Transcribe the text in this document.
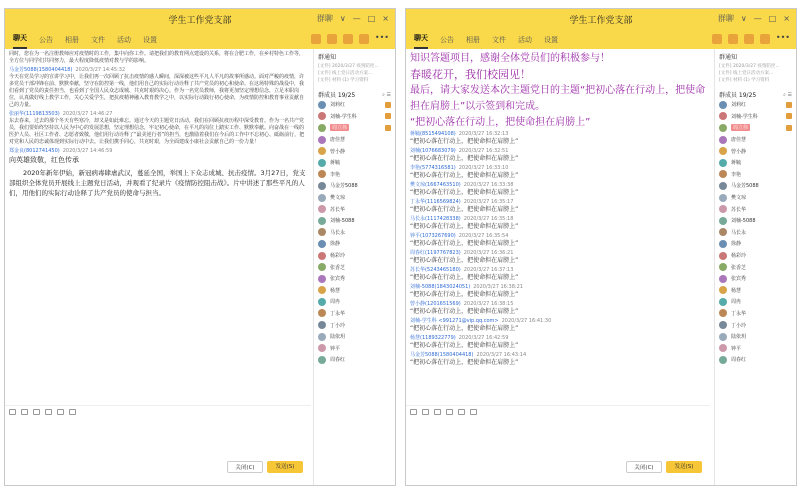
学生工作党支部	群聊 ∨ — □ ×
聊天 公告 相册 文件 活动 设置	•••
同时，您在为一名注册教师应对疫情时的工作，集中向你工作。请把我们的教育网点建设的关系，将在合肥工作，在乡村特色工作等，全方位与同学们共同努力，最大程度降低疫情对教与学的影响。
马金芳5088(1580404418) 2020/3/27 14:45:32
今天在党员学习的宣讲学习中，让我们再一次回顾了抗击疫情的感人瞬间，深深被这些平凡人平凡的故事所感动。面对严峻的疫情，许多党员干部冲锋在前、默默奉献，坚守在防控第一线，他们用自己的实际行动诠释了共产党员的初心和使命。在这场特殊的战役中，我们看到了党员的责任担当，也看到了全国人民众志成城、共克时艰的决心。作为一名党员教师，我将更加坚定理想信念，立足本职岗位，认真做好线上教学工作，关心关爱学生，把抗疫精神融入教育教学之中，以实际行动践行初心使命，为疫情防控和教育事业贡献自己的力量。
张丽华(1119813503) 2020/3/27 14:46:27
东去春来，过去的那个冬天有些寒冷，却又是如此难忘。通过今天的主题党日活动，我们在回顾抗疫历程中深受教育。作为一名共产党员，我们要始终坚持以人民为中心的发展思想，坚定理想信念，牢记初心使命，在平凡的岗位上踏实工作、默默奉献。向奋战在一线的医护人员、社区工作者、志愿者致敬，他们用行动诠释了“最美逆行者”的担当，也激励着我们在今后的工作中不忘初心、砥砺前行，把对党和人民的忠诚体现到实际行动中去。让我们携手同心，共克时艰，为全面建成小康社会贡献自己的一份力量！
郑金良(8012741450) 2020/3/27 14:46:59
向英雄致敬，红色传承
2020年新年伊始，新冠病毒肆虐武汉，蔓延全国，举国上下众志成城、抗击疫情。3月27日，党支部组织全体党员开展线上主题党日活动，并观看了纪录片《疫情防控阻击战》。片中讲述了那些平凡的人们，用他们的实际行动诠释了共产党员的使命与担当。
关闭(C)	发送(S)
群通知
[文件] 2020/3/27 疫情防控...
[文件] 线上党日活动方案...
[文件] 材料 (1) 学习资料
群成员 19/25	⌕ ☰
刘莉红
刘楠-学生科
周立伟
唐佳慧
曾小静
蒋毓
李艳
马金芳5088
樊文琼
苏长华
刘楠-5088
马长永
徐静
杨彩玲
张香芝
张宾秀
杨慧
周冉
丁永华
丁小玲
陆依玥
钟平
周春红
学生工作党支部	群聊 ∨ — □ ×
聊天 公告 相册 文件 活动 设置	•••
知识答题项目，感谢全体党员们的积极参与！
春暖花开，我们校园见！
最后，请大家发送本次主题党日的主题“把初心落在行动上，把使命担在肩膀上”以示签到和完成。
“把初心落在行动上，把使命担在肩膀上”
蒋毓(8515494108) 2020/3/27 16:32:13
“把初心落在行动上，把使命担在肩膀上”
刘楠(1076683079) 2020/3/27 16:32:51
“把初心落在行动上，把使命担在肩膀上”
李艳(5774316581) 2020/3/27 16:33:10
“把初心落在行动上，把使命担在肩膀上”
樊文琼(1667463510) 2020/3/27 16:33:38
“把初心落在行动上，把使命担在肩膀上”
丁永华(1116569824) 2020/3/27 16:35:17
“把初心落在行动上，把使命担在肩膀上”
马长永(1117428338) 2020/3/27 16:35:18
“把初心落在行动上，把使命担在肩膀上”
钟平(1073267690) 2020/3/27 16:35:54
“把初心落在行动上，把使命担在肩膀上”
周春红(1197767823) 2020/3/27 16:36:21
“把初心落在行动上，把使命担在肩膀上”
苏长华(5243465180) 2020/3/27 16:37:13
“把初心落在行动上，把使命担在肩膀上”
刘楠-5088(1843024051) 2020/3/27 16:38:21
“把初心落在行动上，把使命担在肩膀上”
曾小静(1201651569) 2020/3/27 16:38:15
“把初心落在行动上，把使命担在肩膀上”
刘楠-学生科 <991271@vip.qq.com> 2020/3/27 16:41:30
“把初心落在行动上，把使命担在肩膀上”
杨慧(1189322779) 2020/3/27 16:42:59
“把初心落在行动上，把使命担在肩膀上”
马金芳5088(1580404418) 2020/3/27 16:43:14
“把初心落在行动上，把使命担在肩膀上”
关闭(C)	发送(S)
群通知
[文件] 2020/3/27 疫情防控...
[文件] 线上党日活动方案...
[文件] 材料 (1) 学习资料
群成员 19/25	⌕ ☰
刘莉红
刘楠-学生科
周立伟
唐佳慧
曾小静
蒋毓
李艳
马金芳5088
樊文琼
苏长华
刘楠-5088
马长永
徐静
杨彩玲
张香芝
张宾秀
杨慧
周冉
丁永华
丁小玲
陆依玥
钟平
周春红
